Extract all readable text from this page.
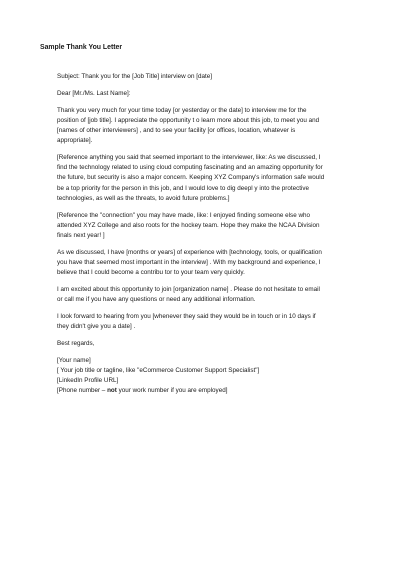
Sample Thank You Letter

Subject: Thank you for the [Job Title] interview on [date]

Dear [Mr./Ms. Last Name]:

Thank you very much for your time today [or yesterday or the date] to interview me for the
position of [job title]. I appreciate the opportunity t o learn more about this job, to meet you and
[names of other interviewers] , and to see your facility [or offices, location, whatever is
appropriate].

[Reference anything you said that seemed important to the interviewer, like: As we discussed, I
find the technology related to using cloud computing fascinating and an amazing opportunity for
the future, but security is also a major concern. Keeping XYZ Company's information safe would
be a top priority for the person in this job, and I would love to dig deepl y into the protective
technologies, as well as the threats, to avoid future problems.]

[Reference the "connection" you may have made, like: I enjoyed finding someone else who
attended XYZ College and also roots for the hockey team. Hope they make the NCAA Division
finals next year! ]

As we discussed, I have [months or years] of experience with [technology, tools, or qualification
you have that seemed most important in the interview] . With my background and experience, I
believe that I could become a contribu tor to your team very quickly.

I am excited about this opportunity to join [organization name] . Please do not hesitate to email
or call me if you have any questions or need any additional information.

I look forward to hearing from you [whenever they said they would be in touch or in 10 days if
they didn't give you a date] .

Best regards,

[Your name]
[ Your job title or tagline, like "eCommerce Customer Support Specialist"]
[LinkedIn Profile URL]
[Phone number – not your work number if you are employed]
